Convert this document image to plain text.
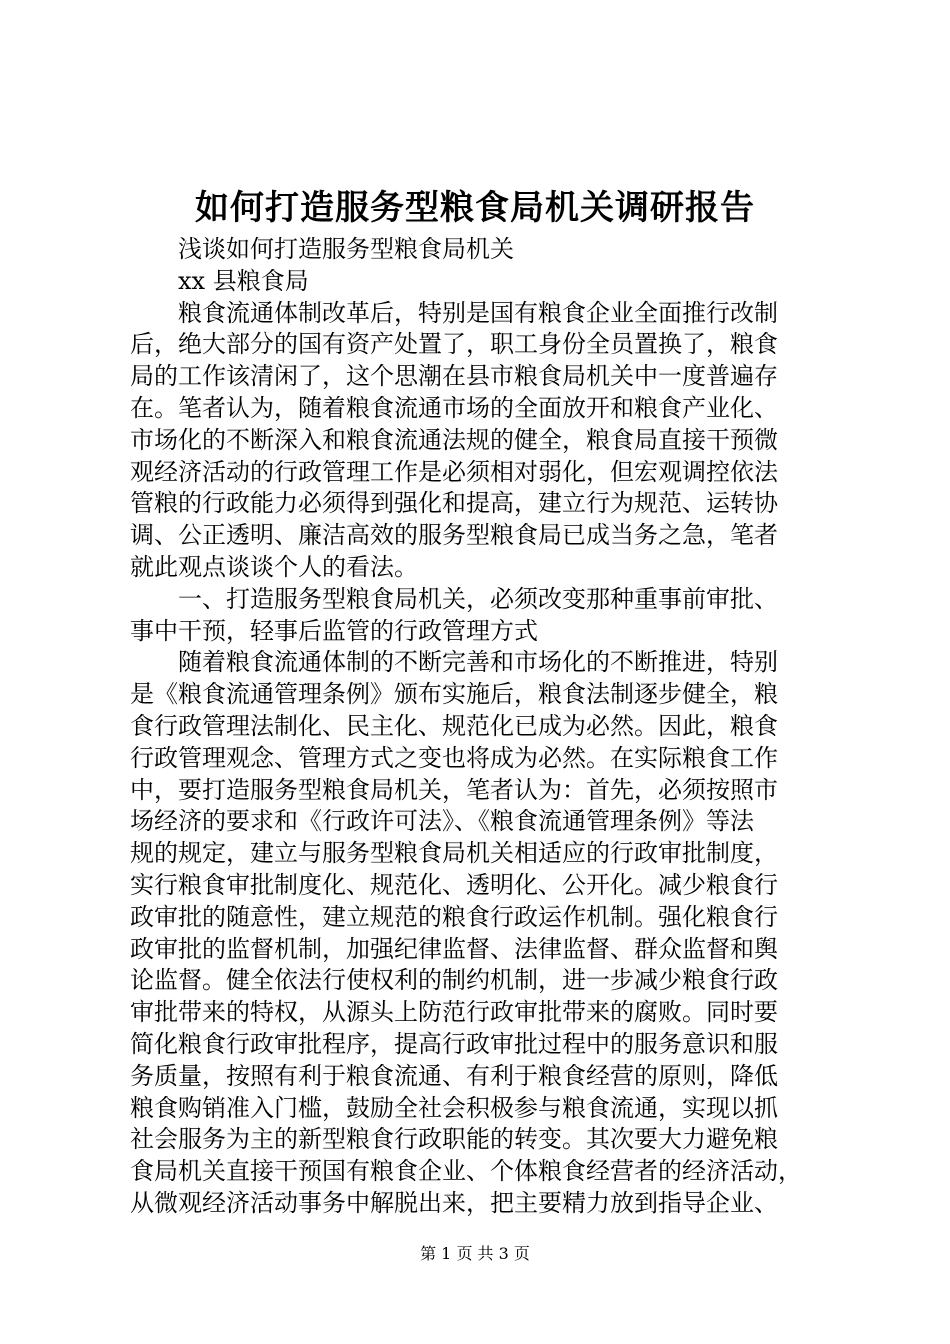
如何打造服务型粮食局机关调研报告
浅谈如何打造服务型粮食局机关
xx 县粮食局
粮食流通体制改革后，特别是国有粮食企业全面推行改制
后，绝大部分的国有资产处置了，职工身份全员置换了，粮食
局的工作该清闲了，这个思潮在县市粮食局机关中一度普遍存
在。笔者认为，随着粮食流通市场的全面放开和粮食产业化、
市场化的不断深入和粮食流通法规的健全，粮食局直接干预微
观经济活动的行政管理工作是必须相对弱化，但宏观调控依法
管粮的行政能力必须得到强化和提高，建立行为规范、运转协
调、公正透明、廉洁高效的服务型粮食局已成当务之急，笔者
就此观点谈谈个人的看法。
一、打造服务型粮食局机关，必须改变那种重事前审批、
事中干预，轻事后监管的行政管理方式
随着粮食流通体制的不断完善和市场化的不断推进，特别
是《粮食流通管理条例》颁布实施后，粮食法制逐步健全，粮
食行政管理法制化、民主化、规范化已成为必然。因此，粮食
行政管理观念、管理方式之变也将成为必然。在实际粮食工作
中，要打造服务型粮食局机关，笔者认为：首先，必须按照市
场经济的要求和《行政许可法》、《粮食流通管理条例》等法
规的规定，建立与服务型粮食局机关相适应的行政审批制度，
实行粮食审批制度化、规范化、透明化、公开化。减少粮食行
政审批的随意性，建立规范的粮食行政运作机制。强化粮食行
政审批的监督机制，加强纪律监督、法律监督、群众监督和舆
论监督。健全依法行使权利的制约机制，进一步减少粮食行政
审批带来的特权，从源头上防范行政审批带来的腐败。同时要
简化粮食行政审批程序，提高行政审批过程中的服务意识和服
务质量，按照有利于粮食流通、有利于粮食经营的原则，降低
粮食购销准入门槛，鼓励全社会积极参与粮食流通，实现以抓
社会服务为主的新型粮食行政职能的转变。其次要大力避免粮
食局机关直接干预国有粮食企业、个体粮食经营者的经济活动，
从微观经济活动事务中解脱出来，把主要精力放到指导企业、
第 1 页 共 3 页
